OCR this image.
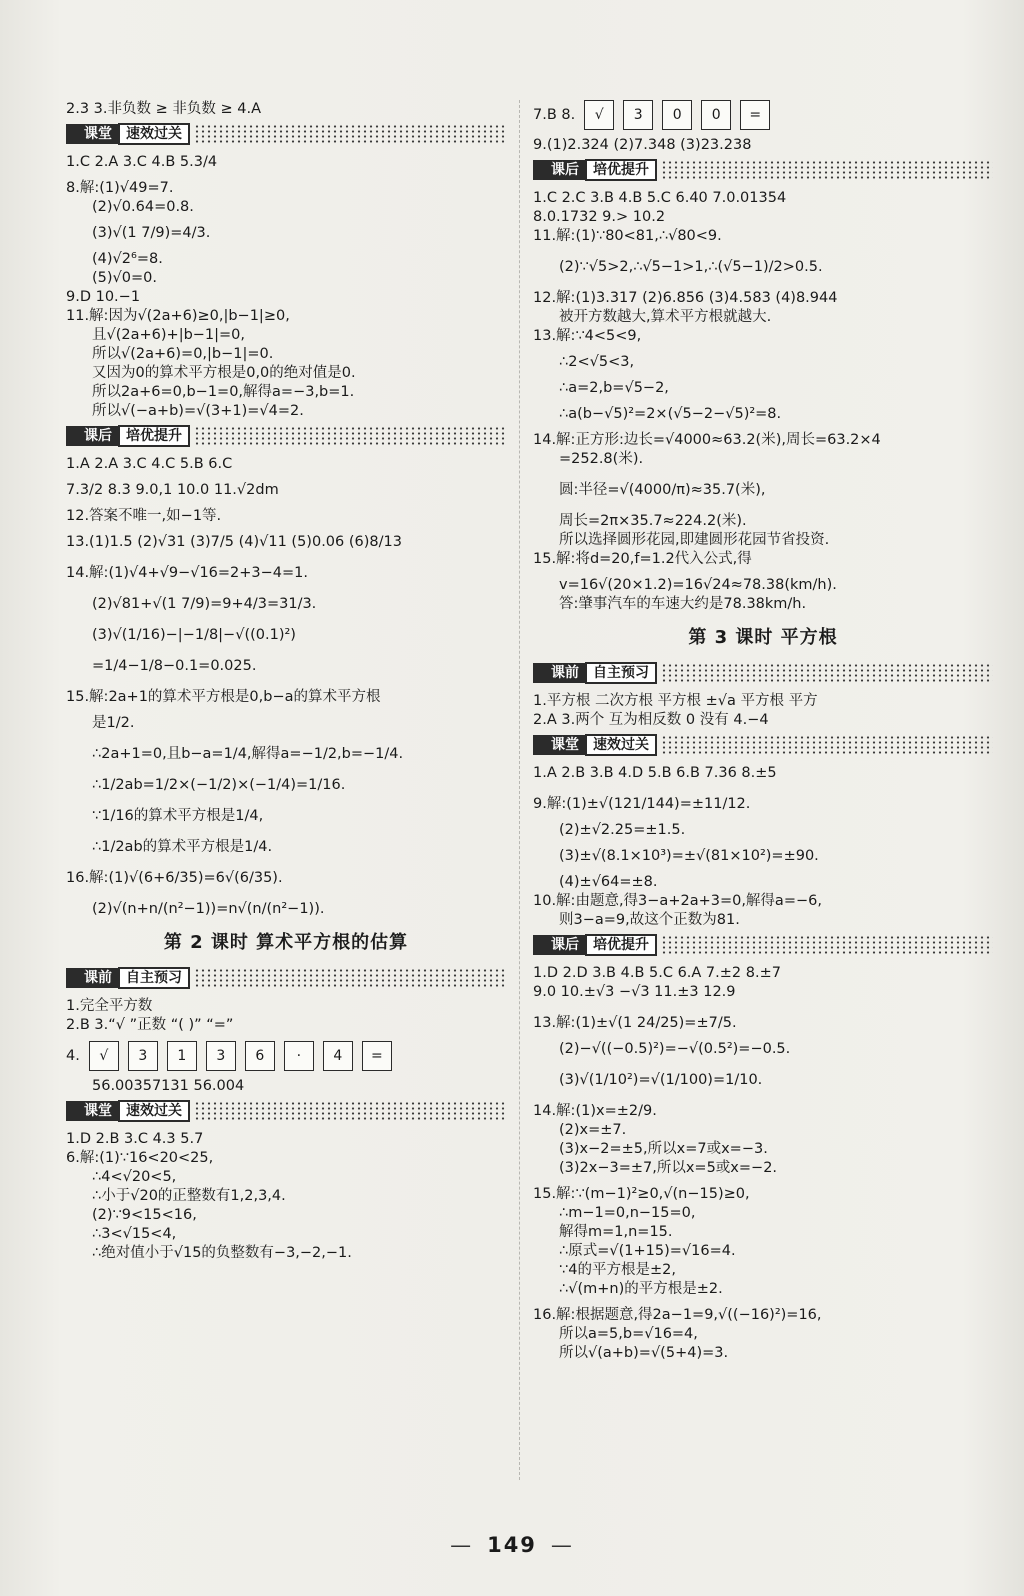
2.3 3.非负数 ≥ 非负数 ≥ 4.A
课堂	速效过关
1.C 2.A 3.C 4.B 5.3/4
8.解:(1)√49=7.
(2)√0.64=0.8.
(3)√(1 7/9)=4/3.
(4)√2⁶=8.
(5)√0=0.
9.D 10.−1
11.解:因为√(2a+6)≥0,|b−1|≥0,
且√(2a+6)+|b−1|=0,
所以√(2a+6)=0,|b−1|=0.
又因为0的算术平方根是0,0的绝对值是0.
所以2a+6=0,b−1=0,解得a=−3,b=1.
所以√(−a+b)=√(3+1)=√4=2.
课后	培优提升
1.A 2.A 3.C 4.C 5.B 6.C
7.3/2 8.3 9.0,1 10.0 11.√2dm
12.答案不唯一,如−1等.
13.(1)1.5 (2)√31 (3)7/5 (4)√11 (5)0.06 (6)8/13
14.解:(1)√4+√9−√16=2+3−4=1.
(2)√81+√(1 7/9)=9+4/3=31/3.
(3)√(1/16)−|−1/8|−√((0.1)²)
=1/4−1/8−0.1=0.025.
15.解:2a+1的算术平方根是0,b−a的算术平方根
是1/2.
∴2a+1=0,且b−a=1/4,解得a=−1/2,b=−1/4.
∴1/2ab=1/2×(−1/2)×(−1/4)=1/16.
∵1/16的算术平方根是1/4,
∴1/2ab的算术平方根是1/4.
16.解:(1)√(6+6/35)=6√(6/35).
(2)√(n+n/(n²−1))=n√(n/(n²−1)).
第 2 课时 算术平方根的估算
课前	自主预习
1.完全平方数
2.B 3.“√ ”正数 “( )” “=”
4.	√	3	1	3	6	·	4	=
56.00357131 56.004
课堂	速效过关
1.D 2.B 3.C 4.3 5.7
6.解:(1)∵16<20<25,
∴4<√20<5,
∴小于√20的正整数有1,2,3,4.
(2)∵9<15<16,
∴3<√15<4,
∴绝对值小于√15的负整数有−3,−2,−1.
7.B 8.	√	3	0	0	=
9.(1)2.324 (2)7.348 (3)23.238
课后	培优提升
1.C 2.C 3.B 4.B 5.C 6.40 7.0.01354
8.0.1732 9.> 10.2
11.解:(1)∵80<81,∴√80<9.
(2)∵√5>2,∴√5−1>1,∴(√5−1)/2>0.5.
12.解:(1)3.317 (2)6.856 (3)4.583 (4)8.944
被开方数越大,算术平方根就越大.
13.解:∵4<5<9,
∴2<√5<3,
∴a=2,b=√5−2,
∴a(b−√5)²=2×(√5−2−√5)²=8.
14.解:正方形:边长=√4000≈63.2(米),周长=63.2×4
=252.8(米).
圆:半径=√(4000/π)≈35.7(米),
周长=2π×35.7≈224.2(米).
所以选择圆形花园,即建圆形花园节省投资.
15.解:将d=20,f=1.2代入公式,得
v=16√(20×1.2)=16√24≈78.38(km/h).
答:肇事汽车的车速大约是78.38km/h.
第 3 课时 平方根
课前	自主预习
1.平方根 二次方根 平方根 ±√a 平方根 平方
2.A 3.两个 互为相反数 0 没有 4.−4
课堂	速效过关
1.A 2.B 3.B 4.D 5.B 6.B 7.36 8.±5
9.解:(1)±√(121/144)=±11/12.
(2)±√2.25=±1.5.
(3)±√(8.1×10³)=±√(81×10²)=±90.
(4)±√64=±8.
10.解:由题意,得3−a+2a+3=0,解得a=−6,
则3−a=9,故这个正数为81.
课后	培优提升
1.D 2.D 3.B 4.B 5.C 6.A 7.±2 8.±7
9.0 10.±√3 −√3 11.±3 12.9
13.解:(1)±√(1 24/25)=±7/5.
(2)−√((−0.5)²)=−√(0.5²)=−0.5.
(3)√(1/10²)=√(1/100)=1/10.
14.解:(1)x=±2/9.
(2)x=±7.
(3)x−2=±5,所以x=7或x=−3.
(3)2x−3=±7,所以x=5或x=−2.
15.解:∵(m−1)²≥0,√(n−15)≥0,
∴m−1=0,n−15=0,
解得m=1,n=15.
∴原式=√(1+15)=√16=4.
∵4的平方根是±2,
∴√(m+n)的平方根是±2.
16.解:根据题意,得2a−1=9,√((−16)²)=16,
所以a=5,b=√16=4,
所以√(a+b)=√(5+4)=3.
— 149 —
